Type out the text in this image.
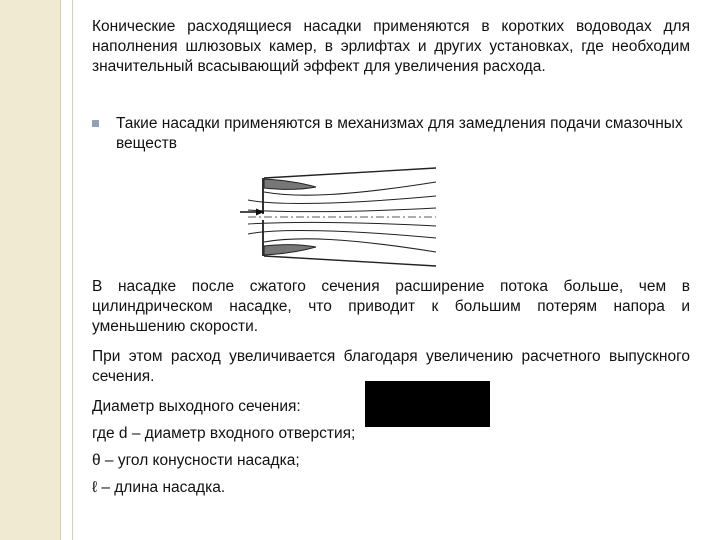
Конические расходящиеся насадки применяются в коротких водоводах для наполнения шлюзовых камер, в эрлифтах и других установках, где необходим значительный всасывающий эффект для увеличения расхода.

Такие насадки применяются в механизмах для замедления подачи смазочных веществ

В насадке после сжатого сечения расширение потока больше, чем в цилиндрическом насадке, что приводит к большим потерям напора и уменьшению скорости.

При этом расход увеличивается благодаря увеличению расчетного выпускного сечения.

Диаметр выходного сечения:

где d – диаметр входного отверстия;

θ – угол конусности насадка;

ℓ – длина насадка.
